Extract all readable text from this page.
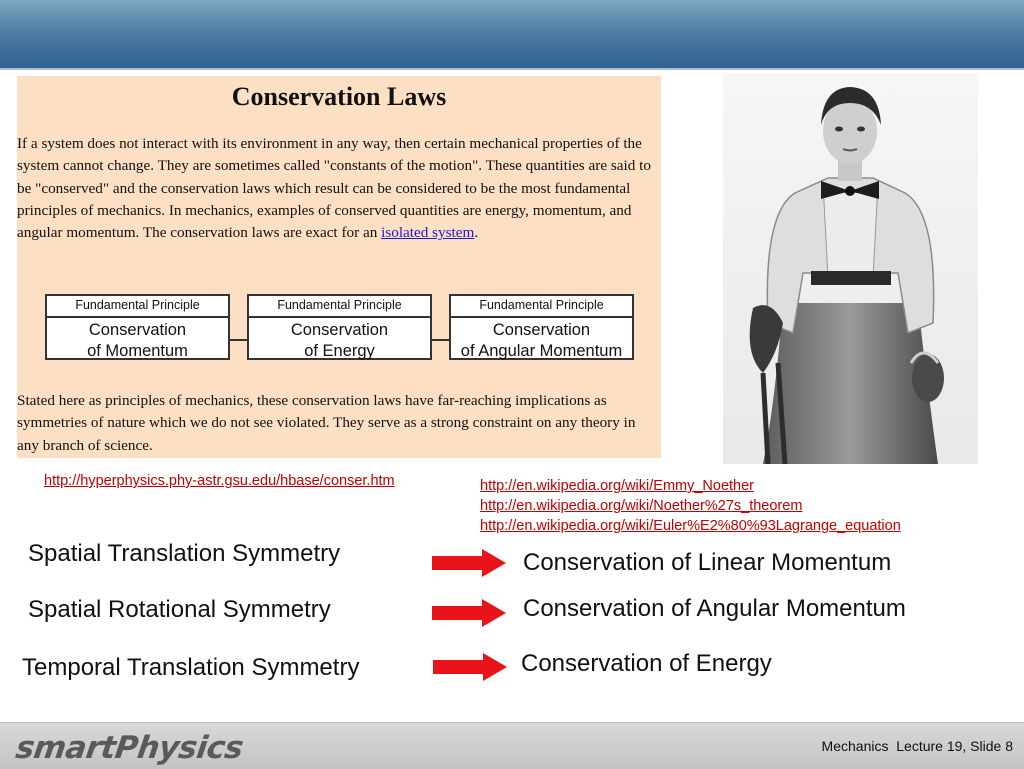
Conservation Laws

If a system does not interact with its environment in any way, then certain mechanical properties of the system cannot change. They are sometimes called "constants of the motion". These quantities are said to be "conserved" and the conservation laws which result can be considered to be the most fundamental principles of mechanics. In mechanics, examples of conserved quantities are energy, momentum, and angular momentum. The conservation laws are exact for an isolated system.

Fundamental Principle
Conservation
of Momentum
Fundamental Principle
Conservation
of Energy
Fundamental Principle
Conservation
of Angular Momentum

Stated here as principles of mechanics, these conservation laws have far-reaching implications as symmetries of nature which we do not see violated. They serve as a strong constraint on any theory in any branch of science.

http://hyperphysics.phy-astr.gsu.edu/hbase/conser.htm	http://en.wikipedia.org/wiki/Emmy_Noether
http://en.wikipedia.org/wiki/Noether%27s_theorem
http://en.wikipedia.org/wiki/Euler%E2%80%93Lagrange_equation
Spatial Translation Symmetry	Conservation of Linear Momentum
Spatial Rotational Symmetry	Conservation of Angular Momentum
Temporal Translation Symmetry	Conservation of Energy
smartPhysics	Mechanics  Lecture 19, Slide 8
